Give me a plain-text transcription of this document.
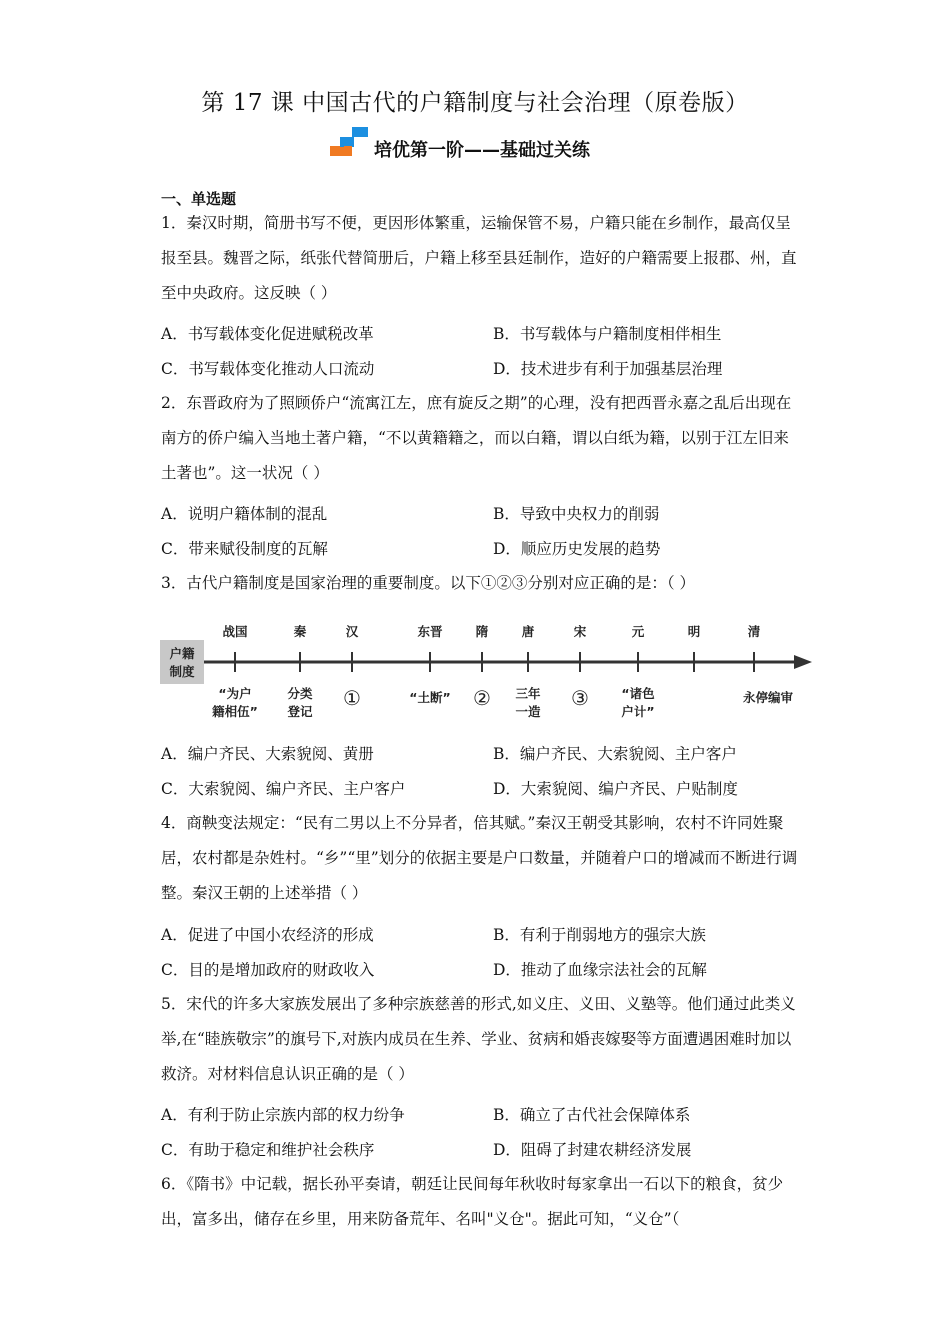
第 17 课 中国古代的户籍制度与社会治理（原卷版）
培优第一阶——基础过关练
一、单选题

1．秦汉时期，简册书写不便，更因形体繁重，运输保管不易，户籍只能在乡制作，最高仅呈报至县。魏晋之际，纸张代替简册后，户籍上移至县廷制作，造好的户籍需要上报郡、州，直至中央政府。这反映（ ）

A．书写载体变化促进赋税改革	B．书写载体与户籍制度相伴相生
C．书写载体变化推动人口流动	D．技术进步有利于加强基层治理

2．东晋政府为了照顾侨户“流寓江左，庶有旋反之期”的心理，没有把西晋永嘉之乱后出现在南方的侨户编入当地土著户籍，“不以黄籍籍之，而以白籍，谓以白纸为籍，以别于江左旧来土著也”。这一状况（ ）

A．说明户籍体制的混乱	B．导致中央权力的削弱
C．带来赋役制度的瓦解	D．顺应历史发展的趋势

3．古代户籍制度是国家治理的重要制度。以下①②③分别对应正确的是：（ ）

户籍
制度
战国	秦	汉	东晋	隋	唐	宋	元	明	清
“为户
籍相伍”
分类
登记
①	“土断” ② 三年
一造
③	“诸色
户计”
永停编审
A．编户齐民、大索貌阅、黄册	B．编户齐民、大索貌阅、主户客户
C．大索貌阅、编户齐民、主户客户	D．大索貌阅、编户齐民、户贴制度

4．商鞅变法规定：“民有二男以上不分异者，倍其赋。”秦汉王朝受其影响，农村不许同姓聚居，农村都是杂姓村。“乡”“里”划分的依据主要是户口数量，并随着户口的增减而不断进行调整。秦汉王朝的上述举措（ ）

A．促进了中国小农经济的形成	B．有利于削弱地方的强宗大族
C．目的是增加政府的财政收入	D．推动了血缘宗法社会的瓦解

5．宋代的许多大家族发展出了多种宗族慈善的形式,如义庄、义田、义塾等。他们通过此类义举,在“睦族敬宗”的旗号下,对族内成员在生养、学业、贫病和婚丧嫁娶等方面遭遇困难时加以救济。对材料信息认识正确的是（ ）

A．有利于防止宗族内部的权力纷争	B．确立了古代社会保障体系
C．有助于稳定和维护社会秩序	D．阻碍了封建农耕经济发展

6．《隋书》中记载，据长孙平奏请，朝廷让民间每年秋收时每家拿出一石以下的粮食，贫少出，富多出，储存在乡里，用来防备荒年、名叫"义仓"。据此可知，“义仓”（
